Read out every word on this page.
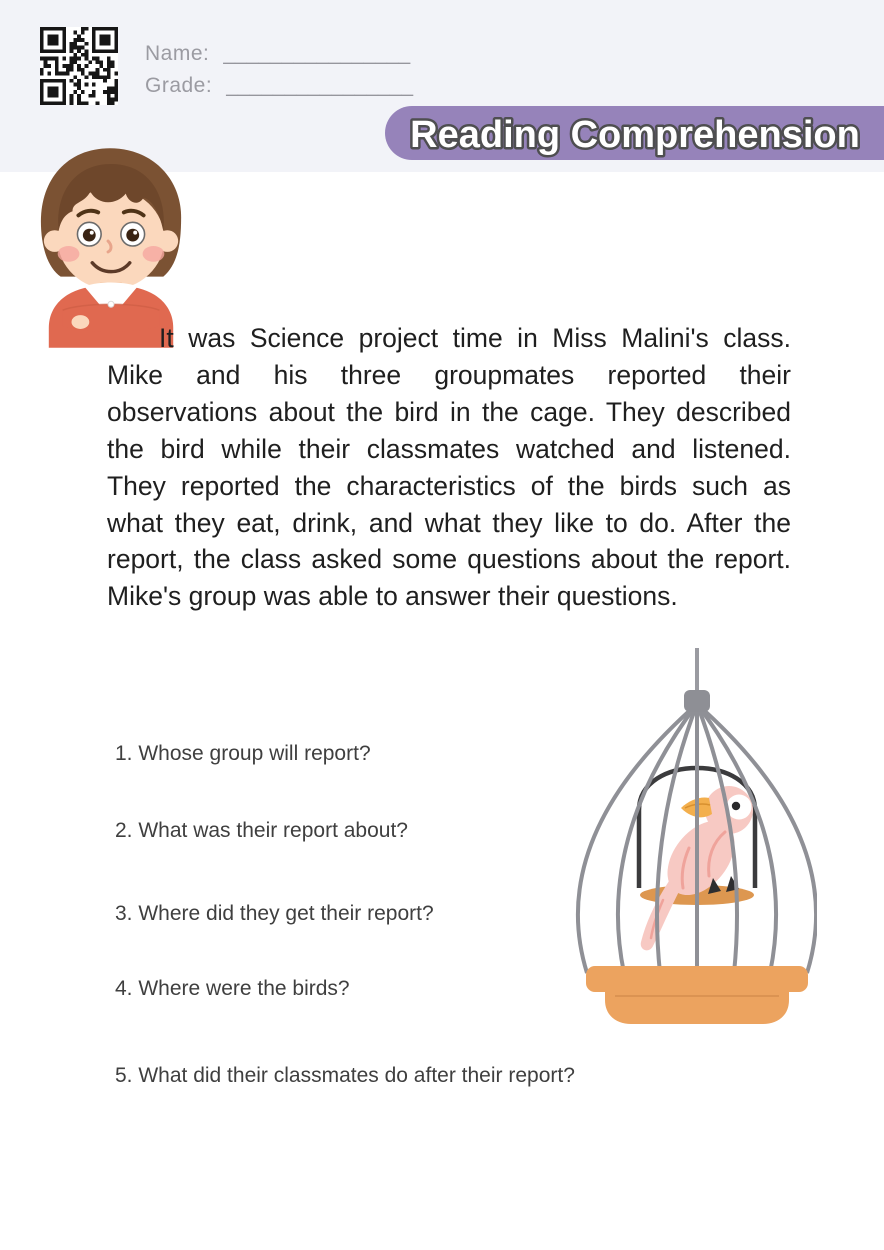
Name: ________________
Grade: ________________
Reading Comprehension

It was Science project time in Miss Malini's class. Mike and his three groupmates reported their observations about the bird in the cage. They described the bird while their classmates watched and listened. They reported the characteristics of the birds such as what they eat, drink, and what they like to do. After the report, the class asked some questions about the report. Mike's group was able to answer their questions.

1. Whose group will report?
2. What was their report about?
3. Where did they get their report?
4. Where were the birds?
5. What did their classmates do after their report?
